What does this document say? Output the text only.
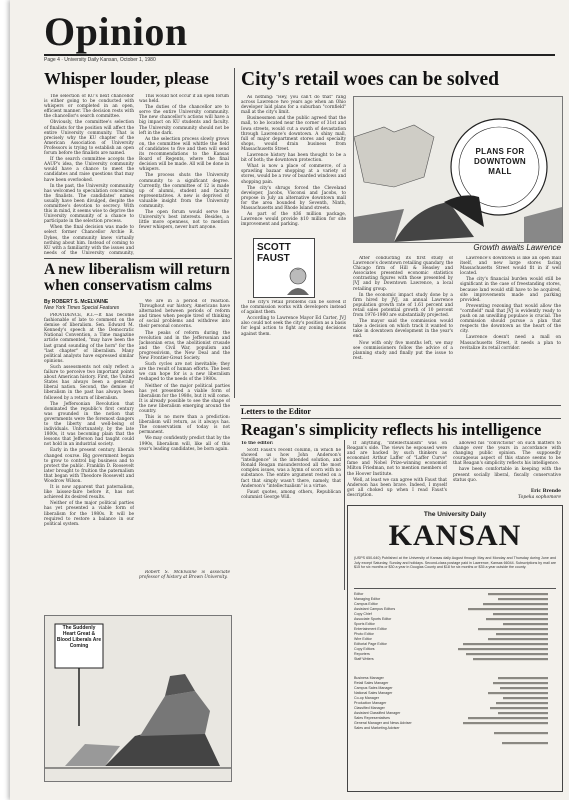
Opinion
Page 4 · University Daily Kansan, October 1, 1980
Whisper louder, please

The selection of KU's next chancellor is either going to be conducted with whispers or completed in an open, efficient manner. The decision rests with the chancellor's search committee.

Obviously, the committee's selection of finalists for the position will affect the entire University community. That is precisely why the KU chapter of the American Association of University Professors is trying to establish an open forum before the finalists are named.

If the search committee accepts the AAUP's idea, the University community would have a chance to meet the candidates and raise questions that may have been overlooked.

In the past, the University community has welcomed to speculation concerning the finalists. The candidates' names usually have been divulged, despite the committee's devotion to secrecy. With this in mind, it seems wise to deprive the University community of a chance to participate in the selection process.

When the final decision was made to select former Chancellor Archie R. Dykes, the community knew virtually nothing about him. Instead of coming to KU with a familiarity with the issues and needs of the University community,

This would not occur if an open forum was held.

The duties of the chancellor are to serve the entire University community. The new chancellor's actions will have a big impact on KU students and faculty. The University community should not be left in the dark.

As the selection process slowly grows on, the committee will whittle the field of candidates to five and then will send its recommendations to the Kansas Board of Regents, where the final decision will be made. All will be done in whispers.

The process shuts the University community to a significant degree. Currently, the committee of 12 is made up of alumni, student and faculty representatives. A new is deprived of valuable insight from the University community.

The open forum would serve the University's best interests. Besides, a little more openness, not to mention fewer whispers, never hurt anyone.

A new liberalism will return when conservatism calms
By ROBERT S. McELVAINE
New York Times Special Features

PROVIDENCE, R.I.—It has become fashionable of late to comment on the demise of liberalism. Sen. Edward M. Kennedy's speech at the Democratic National Convention, a Time magazine article commented, "may have been the last grand sounding of the horn" for the "last chapter" of liberalism. Many political analysts have expressed similar opinions.

Such assessments not only reflect a failure to perceive two important points about American history. First, the United States has always been a generally liberal nation. Second, the demise of liberalism in the past has always been followed by a return of liberalism.

The Jeffersonian Revolution that dominated the republic's first century was grounded in the notion that governments were the foremost dangers to the liberty and well-being of individuals. Unfortunately, by the late 1800s, it was becoming plain that the lessons that Jefferson had taught could not hold in an industrial society.

Early in the present century, liberals changed course. Big government began to grow to control big business and to protect the public. Franklin D. Roosevelt later brought to fruition the paternalism that began with Theodore Roosevelt and Woodrow Wilson.

It is now apparent that paternalism, like laissez-faire before it, has not achieved its desired results.

Neither of the major political parties has yet presented a viable form of liberalism for the 1980s. It will be required to restore a balance in our political system.

We are in a period of reaction. Throughout our history, Americans have alternated between periods of reform and times when people tired of thinking of social problems and withdrew into their personal concerns.

The peaks of reform during the revolution and in the Jeffersonian and Jacksonian eras, the abolitionist crusade and the Civil War, populism and progressivism, the New Deal and the New Frontier-Great Society.

Such cycles are not inevitable; they are the result of human efforts. The best we can hope for is a new liberalism reshaped to the needs of the 1980s.

Neither of the major political parties has yet presented a viable form of liberalism for the 1980s, but it will come. It is already possible to see the shape of the new liberalism emerging around the country.

This is no more than a prediction: liberalism will return, as it always has. The conservatism of today is not permanent.

We may confidently predict that by the 1990s, liberalism will, like all of this year's leading candidates, be born again.

Robert S. McElvaine is associate professor of history at Brown University.

The Suddenly Heart Great & Blood Liberals Are Coming
City's retail woes can be solved

As nothing: "Hey, you can't do that" rang across Lawrence two years ago when an Ohio developer laid plans for a suburban "cornfield" mall at the city's limit.

Businessmen and the public agreed that the mall, to be located near the corner of 31st and Iowa streets, would cut a swath of devastation through Lawrence's downtown. A shiny mall, full of major department stores and specialty shops, would drain business from Massachusetts Street.

Lawrence history has been thought to be a bit of both; the downtown protection.

What is now a place of commerce, of a sprawling bazaar shopping at a variety of stores, would be a row of boarded windows and shopping pain.

The city's shrugs forced the Cleveland developer, Jacobs, Visconsi and Jacobs, to propose in July an alternative downtown mall for the area bounded by Seventh, Ninth, Massachusetts and Rhode Island streets.

As part of the $36 million package, Lawrence would provide $10 million for site improvement and parking.

SCOTT
FAUST

The city's retail problems can be solved if the commission works with developers instead of against them.

According to Lawrence Mayor Ed Carter, JVJ also could not seek the city's position as a basis for legal action to fight any zoning decisions against them.

PLANS FOR
DOWNTOWN
MALL
Growth awaits Lawrence

After conducting its first study of Lawrence's downtown retailing quandary, the Chicago firm of Hill & Heasley and Associates presented economic statistics contrasting figures with those presented by JVJ and by Downtown Lawrence, a local retailing group.

In the economic impact study done by a firm hired by JVJ, an annual Lawrence population growth rate of 1.61 percent and retail sales potential growth of 10 percent from 1976-1980 are substantially projected.

The mayor said the commission would take a decision on which track it wanted to take in downtown development in the year's end.

Now with only five months left, we may see commissioners follow the advice of a planning study and finally put the issue to rest.

Lawrence's downtown is like an open mall itself, and new large stores facing Massachusetts Street would fit in if well located.

The city's financial burden would still be significant in the case of freestanding stores, because land would still have to be acquired, site improvements made and parking provided.

Preventing rezoning that would allow the "cornfield" mall that JVJ is evidently ready to push on an unwilling populace is crucial. The commission should pursue a plan that respects the downtown as the heart of the city.

Lawrence doesn't need a mall on Massachusetts Street, it needs a plan to revitalize its retail corridor.

Letters to the Editor
Reagan's simplicity reflects his intelligence

To the editor:

Scott Faust's recent column, in which he showed us how John Anderson's "intelligence" is the intended solution, and Ronald Reagan misunderstood all the most complex issues, was a hymn of scorn with no substance. The entire argument rested on a fact that simply wasn't there, namely, that Anderson's "intellectualism" is a virtue.

Faust quotes, among others, Republican columnist George Will.

If anything, "intellectualism" was on Reagan's side. The views he espoused were and are backed by such thinkers as economist Arthur Laffer of "Laffer Curve" fame and Nobel Prize-winning economist Milton Friedman, not to mention members of the Hoover Institute.

Well, at least we can agree with Faust that Anderson has been brave. Indeed, I myself got all choked up when I read Faust's description.

allowed his "convictions" on such matters to change over the years in accordance with changing public opinion. The supposedly courageous aspect of this stance seems to be that Reagan's simplicity reflects his intelligence.

have been comfortable in keeping with the present socially liberal, fiscally conservative status quo.

Eric Brende
Topeka sophomore
The University Daily
KANSAN
(USPS 650-640) Published at the University of Kansas daily August through May and Monday and Thursday during June and July except Saturday, Sunday and holidays. Second-class postage paid in Lawrence, Kansas 66044. Subscriptions by mail are $15 for six months or $30 a year in Douglas County and $18 for six months or $35 a year outside the county.
Editor
Managing Editor
Campus Editor
Assistant Campus Editors
Copy Chief
Associate Sports Editor
Sports Editor
Entertainment Editor
Photo Editor
Wire Editor
Editorial Page Editor
Copy Editors
Reporters
Staff Writers
Business Manager
Retail Sales Manager
Campus Sales Manager
National Sales Manager
Co-op Manager
Production Manager
Classified Manager
Assistant Classified Manager
Sales Representatives
General Manager and News Adviser
Sales and Marketing Adviser
